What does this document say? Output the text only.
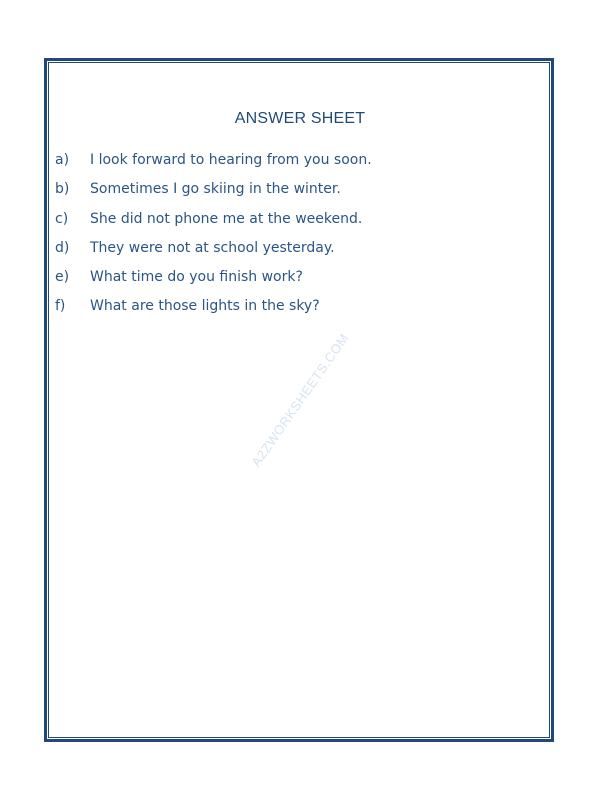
A2ZWORKSHEETS.COM
ANSWER SHEET
a)	I look forward to hearing from you soon.
b)	Sometimes I go skiing in the winter.
c)	She did not phone me at the weekend.
d)	They were not at school yesterday.
e)	What time do you finish work?
f)	What are those lights in the sky?
